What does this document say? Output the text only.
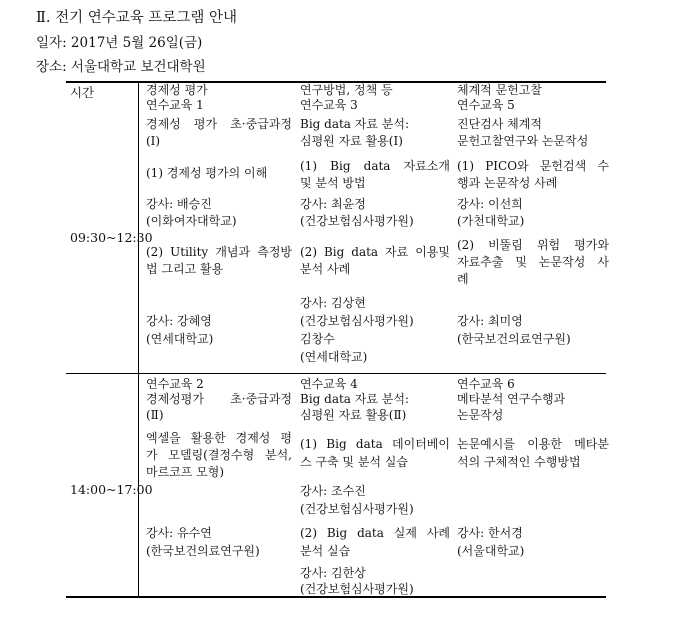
Ⅱ. 전기 연수교육 프로그램 안내
일자: 2017년 5월 26일(금)
장소: 서울대학교 보건대학원
시간
09:30~12:30
14:00~17:00
경제성 평가
연수교육 1
경제성 평가 초·중급과정
(Ⅰ)
(1) 경제성 평가의 이해
강사: 배승진
(이화여자대학교)
(2) Utility 개념과 측정방
법 그리고 활용
강사: 강혜영
(연세대학교)
연구방법, 정책 등
연수교육 3
Big data 자료 분석:
심평원 자료 활용(Ⅰ)
(1) Big data 자료소개
및 분석 방법
강사: 최윤정
(건강보험심사평가원)
(2) Big data 자료 이용및
분석 사례
강사: 김상현
(건강보험심사평가원)
김창수
(연세대학교)
체계적 문헌고찰
연수교육 5
진단검사 체계적
문헌고찰연구와 논문작성
(1) PICO와 문헌검색 수
행과 논문작성 사례
강사: 이선희
(가천대학교)
(2) 비뚤림 위험 평가와
자료추출 및 논문작성 사
례
강사: 최미영
(한국보건의료연구원)
연수교육 2
경제성평가 초·중급과정
(Ⅱ)
엑셀을 활용한 경제성 평
가 모델링(결정수형 분석,
마르코프 모형)
강사: 유수연
(한국보건의료연구원)
연수교육 4
Big data 자료 분석:
심평원 자료 활용(Ⅱ)
(1) Big data 데이터베이
스 구축 및 분석 실습
강사: 조수진
(건강보험심사평가원)
(2) Big data 실제 사례
분석 실습
강사: 김한상
(건강보험심사평가원)
연수교육 6
메타분석 연구수행과
논문작성
논문예시를 이용한 메타분
석의 구체적인 수행방법
강사: 한서경
(서울대학교)
